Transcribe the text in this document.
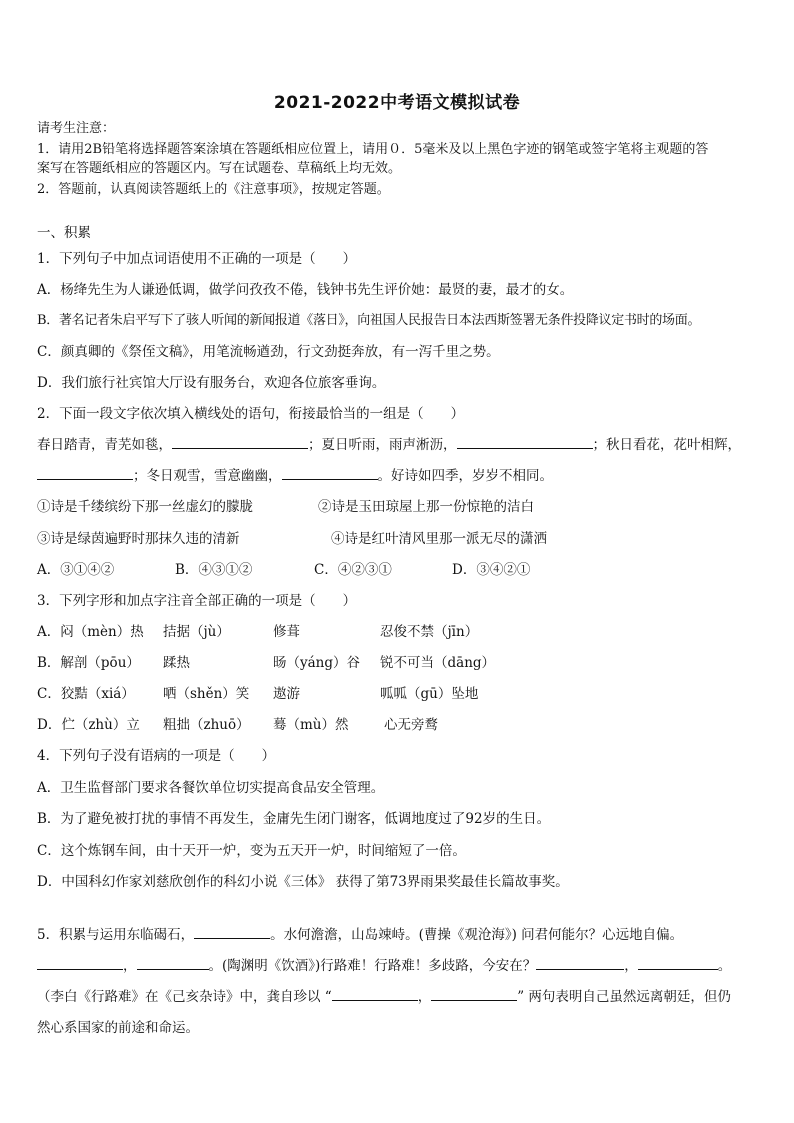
2021-2022中考语文模拟试卷
请考生注意：
1．请用2B铅笔将选择题答案涂填在答题纸相应位置上，请用０．5毫米及以上黑色字迹的钢笔或签字笔将主观题的答
案写在答题纸相应的答题区内。写在试题卷、草稿纸上均无效。
2．答题前，认真阅读答题纸上的《注意事项》，按规定答题。
一、积累
1．下列句子中加点词语使用不正确的一项是（　　）
A．杨绛先生为人谦逊低调，做学问孜孜不倦，钱钟书先生评价她：最贤的妻，最才的女。
B．著名记者朱启平写下了骇人听闻的新闻报道《落日》，向祖国人民报告日本法西斯签署无条件投降议定书时的场面。
C．颜真卿的《祭侄文稿》，用笔流畅遒劲，行文劲挺奔放，有一泻千里之势。
D．我们旅行社宾馆大厅设有服务台，欢迎各位旅客垂询。
2．下面一段文字依次填入横线处的语句，衔接最恰当的一组是（　　）
春日踏青，青芜如毯，	；夏日听雨，雨声淅沥，	；秋日看花，花叶相辉，
；冬日观雪，雪意幽幽，	。好诗如四季，岁岁不相同。
①诗是千缕缤纷下那一丝虚幻的朦胧	②诗是玉田琼屋上那一份惊艳的洁白
③诗是绿茵遍野时那抹久违的清新	④诗是红叶清风里那一派无尽的潇洒
A．③①④②	B．④③①②	C．④②③①	D．③④②①
3．下列字形和加点字注音全部正确的一项是（　　）
A．闷（mèn）热 拮据（jù）	修葺	忍俊不禁（jīn）
B．解剖（pōu） 蹂热	旸（yáng）谷 锐不可当（dāng）
C．狡黠（xiá） 哂（shěn）笑 遨游	呱呱（gū）坠地
D．伫（zhù）立 粗拙（zhuō） 蓦（mù）然	心无旁鹜
4．下列句子没有语病的一项是（　　）
A．卫生监督部门要求各餐饮单位切实提高食品安全管理。
B．为了避免被打扰的事情不再发生，金庸先生闭门谢客，低调地度过了92岁的生日。
C．这个炼钢车间，由十天开一炉，变为五天开一炉，时间缩短了一倍。
D．中国科幻作家刘慈欣创作的科幻小说《三体》 获得了第73界雨果奖最佳长篇故事奖。
5．积累与运用东临碣石，	。水何澹澹，山岛竦峙。(曹操《观沧海》) 问君何能尔？心远地自偏。
，	。(陶渊明《饮酒》)行路难！行路难！多歧路，今安在？	，	。
（李白《行路难》在《己亥杂诗》中，龚自珍以 “	，	” 两句表明自己虽然远离朝廷，但仍
然心系国家的前途和命运。
